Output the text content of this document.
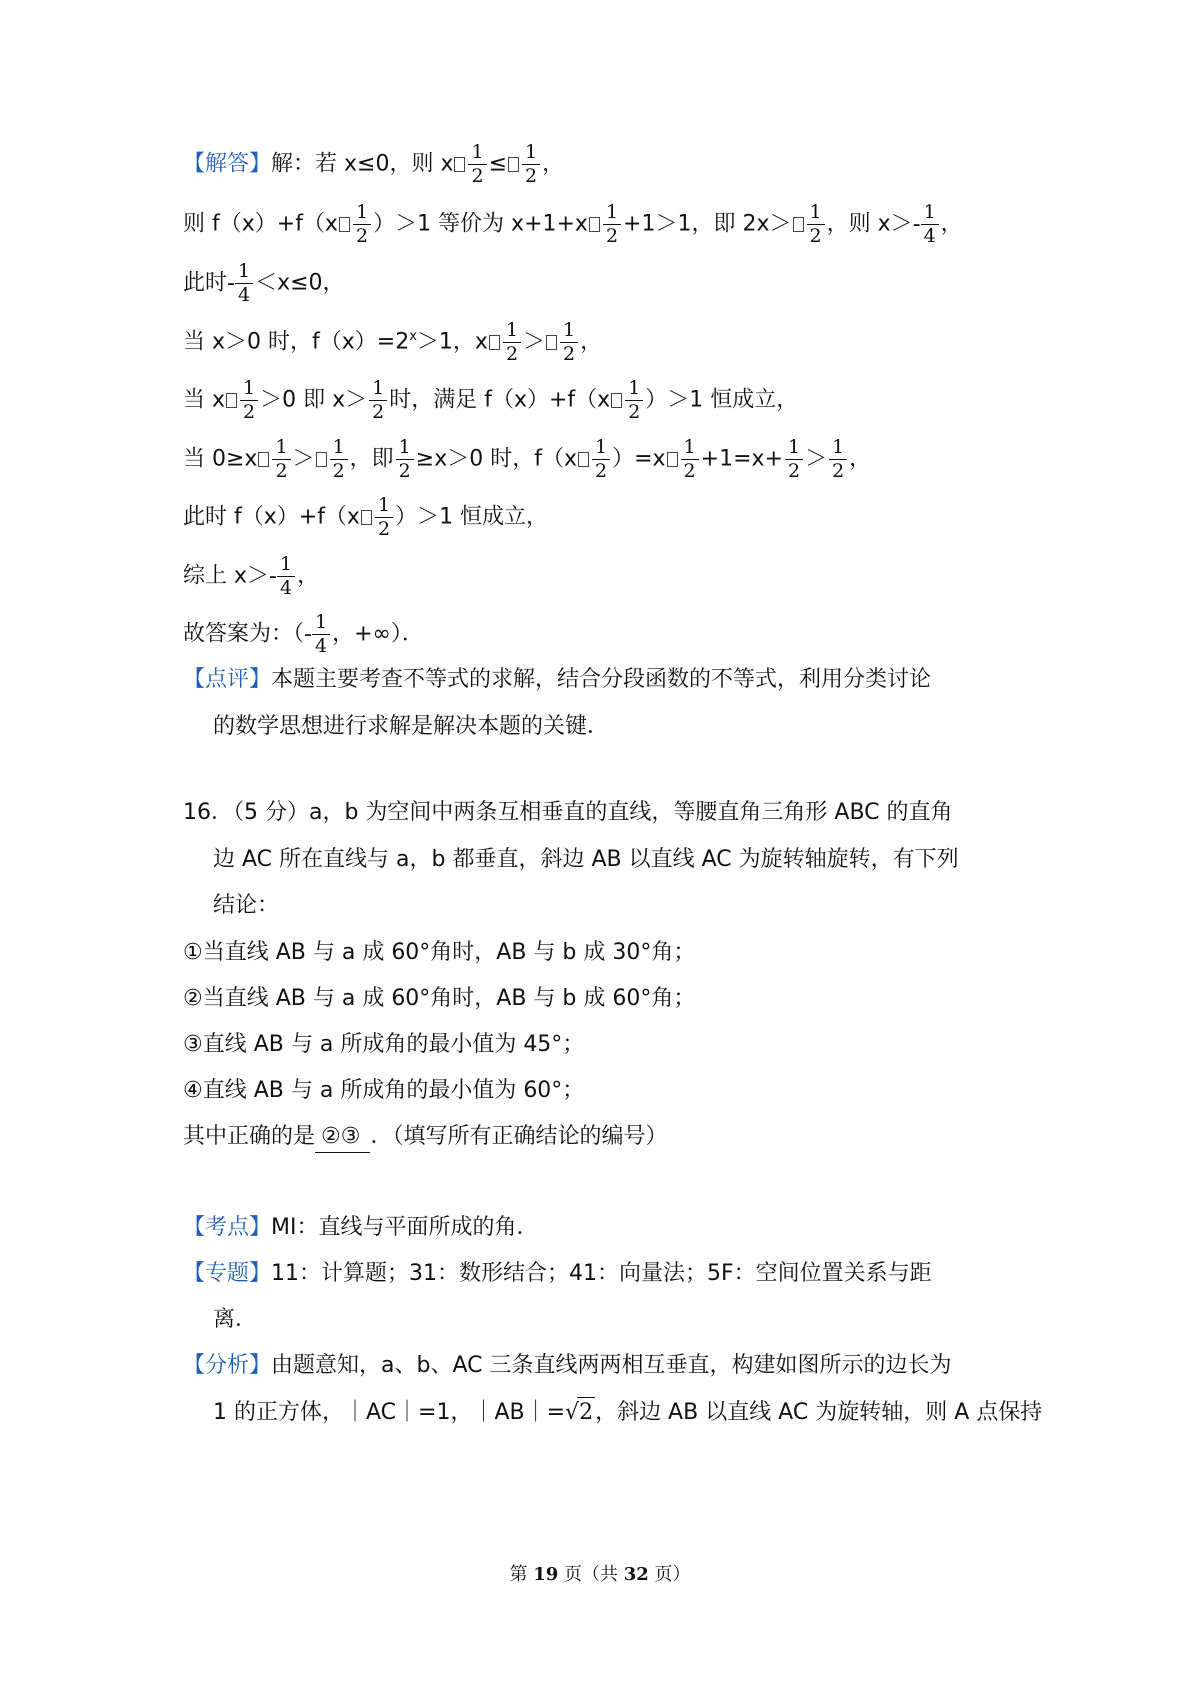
【解答】解：若 x≤0，则 x $\frac{1}{2} \le \frac{1}{2}$ ，
则 $f(x)+f(x \frac{1}{2} )>1$ 等价为 $x+1+x \frac{1}{2} +1>1$，即 $2x> \frac{1}{2}$ ，则 $x>- \frac{1}{4}$ ，
此时- $\frac{1}{4} <x\le 0$，
当 x＞0 时，$f(x)=2^x>1$，x $\frac{1}{2} > \frac{1}{2}$ ，
当 x $\frac{1}{2} >0$ 即 $x> \frac{1}{2}$ 时，满足 $f(x)+f(x \frac{1}{2} )>1$ 恒成立，
当 $0\ge x \frac{1}{2} > \frac{1}{2}$ ，即 $\frac{1}{2} \ge x>0$ 时，$f(x \frac{1}{2} )=x \frac{1}{2} +1=x+ \frac{1}{2} > \frac{1}{2}$ ，
此时 $f(x)+f(x \frac{1}{2} )>1$ 恒成立，
综上 $x>- \frac{1}{4}$ ，
故答案为：（- $\frac{1}{4}$ ，+∞）．
【点评】本题主要考查不等式的求解，结合分段函数的不等式，利用分类讨论
的数学思想进行求解是解决本题的关键．
16．（5 分）a，b 为空间中两条互相垂直的直线，等腰直角三角形 ABC 的直角
边 AC 所在直线与 a，b 都垂直，斜边 AB 以直线 AC 为旋转轴旋转，有下列
结论：
①当直线 AB 与 a 成 60°角时，AB 与 b 成 30°角；
②当直线 AB 与 a 成 60°角时，AB 与 b 成 60°角；
③直线 AB 与 a 所成角的最小值为 45°；
④直线 AB 与 a 所成角的最小值为 60°；
其中正确的是 ②③ ．（填写所有正确结论的编号）
【考点】MI：直线与平面所成的角．
【专题】11：计算题；31：数形结合；41：向量法；5F：空间位置关系与距
离．
【分析】由题意知，a、b、AC 三条直线两两相互垂直，构建如图所示的边长为
1 的正方体，｜AC｜=1，｜AB｜=√2，斜边 AB 以直线 AC 为旋转轴，则 A 点保持
第 19 页（共 32 页）
